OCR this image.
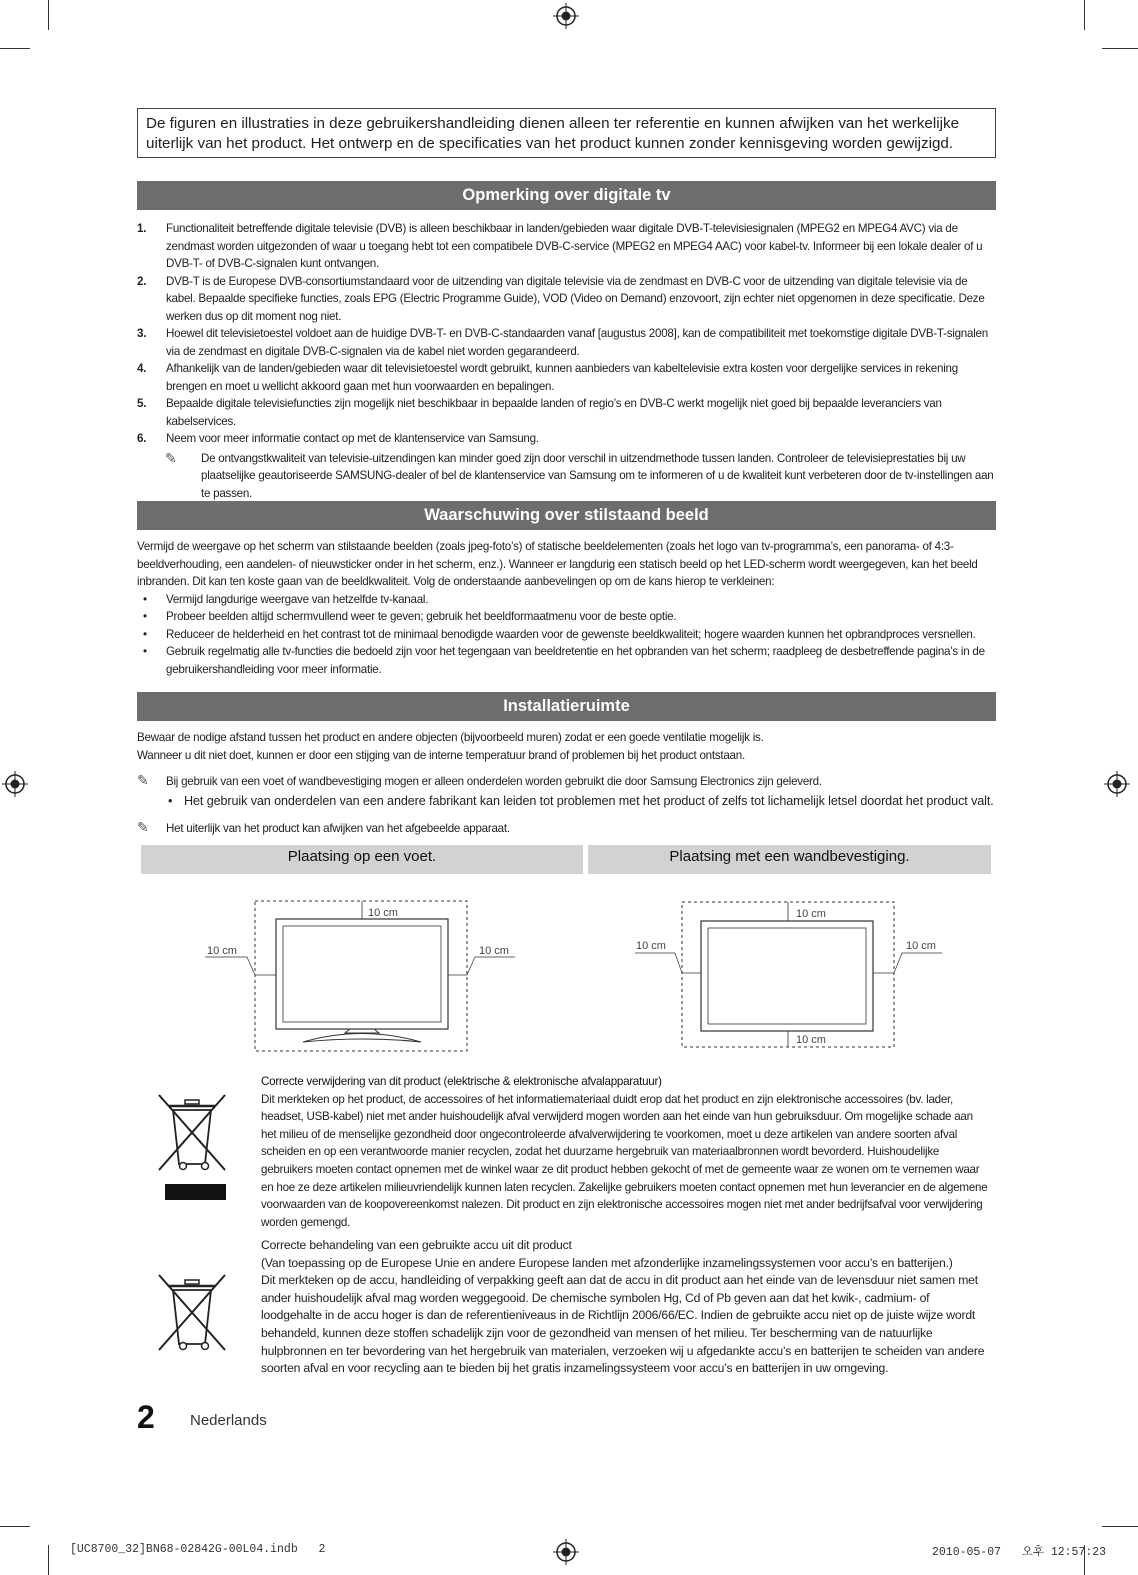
De figuren en illustraties in deze gebruikershandleiding dienen alleen ter referentie en kunnen afwijken van het werkelijke uiterlijk van het product. Het ontwerp en de specificaties van het product kunnen zonder kennisgeving worden gewijzigd.
Opmerking over digitale tv
1. Functionaliteit betreffende digitale televisie (DVB) is alleen beschikbaar in landen/gebieden waar digitale DVB-T-televisiesignalen (MPEG2 en MPEG4 AVC) via de zendmast worden uitgezonden of waar u toegang hebt tot een compatibele DVB-C-service (MPEG2 en MPEG4 AAC) voor kabel-tv. Informeer bij een lokale dealer of u DVB-T- of DVB-C-signalen kunt ontvangen.
2. DVB-T is de Europese DVB-consortiumstandaard voor de uitzending van digitale televisie via de zendmast en DVB-C voor de uitzending van digitale televisie via de kabel. Bepaalde specifieke functies, zoals EPG (Electric Programme Guide), VOD (Video on Demand) enzovoort, zijn echter niet opgenomen in deze specificatie. Deze werken dus op dit moment nog niet.
3. Hoewel dit televisietoestel voldoet aan de huidige DVB-T- en DVB-C-standaarden vanaf [augustus 2008], kan de compatibiliteit met toekomstige digitale DVB-T-signalen via de zendmast en digitale DVB-C-signalen via de kabel niet worden gegarandeerd.
4. Afhankelijk van de landen/gebieden waar dit televisietoestel wordt gebruikt, kunnen aanbieders van kabeltelevisie extra kosten voor dergelijke services in rekening brengen en moet u wellicht akkoord gaan met hun voorwaarden en bepalingen.
5. Bepaalde digitale televisiefuncties zijn mogelijk niet beschikbaar in bepaalde landen of regio’s en DVB-C werkt mogelijk niet goed bij bepaalde leveranciers van kabelservices.
6. Neem voor meer informatie contact op met de klantenservice van Samsung.
✎ De ontvangstkwaliteit van televisie-uitzendingen kan minder goed zijn door verschil in uitzendmethode tussen landen. Controleer de televisieprestaties bij uw plaatselijke geautoriseerde SAMSUNG-dealer of bel de klantenservice van Samsung om te informeren of u de kwaliteit kunt verbeteren door de tv-instellingen aan te passen.
Waarschuwing over stilstaand beeld

Vermijd de weergave op het scherm van stilstaande beelden (zoals jpeg-foto’s) of statische beeldelementen (zoals het logo van tv-programma’s, een panorama- of 4:3-beeldverhouding, een aandelen- of nieuwsticker onder in het scherm, enz.). Wanneer er langdurig een statisch beeld op het LED-scherm wordt weergegeven, kan het beeld inbranden. Dit kan ten koste gaan van de beeldkwaliteit. Volg de onderstaande aanbevelingen op om de kans hierop te verkleinen:

• Vermijd langdurige weergave van hetzelfde tv-kanaal.
• Probeer beelden altijd schermvullend weer te geven; gebruik het beeldformaatmenu voor de beste optie.
• Reduceer de helderheid en het contrast tot de minimaal benodigde waarden voor de gewenste beeldkwaliteit; hogere waarden kunnen het opbrandproces versnellen.
• Gebruik regelmatig alle tv-functies die bedoeld zijn voor het tegengaan van beeldretentie en het opbranden van het scherm; raadpleeg de desbetreffende pagina’s in de gebruikershandleiding voor meer informatie.
Installatieruimte

Bewaar de nodige afstand tussen het product en andere objecten (bijvoorbeeld muren) zodat er een goede ventilatie mogelijk is.

Wanneer u dit niet doet, kunnen er door een stijging van de interne temperatuur brand of problemen bij het product ontstaan.

✎ Bij gebruik van een voet of wandbevestiging mogen er alleen onderdelen worden gebruikt die door Samsung Electronics zijn geleverd.
• Het gebruik van onderdelen van een andere fabrikant kan leiden tot problemen met het product of zelfs tot lichamelijk letsel doordat het product valt.
✎ Het uiterlijk van het product kan afwijken van het afgebeelde apparaat.
Plaatsing op een voet.	Plaatsing met een wandbevestiging.
10 cm
10 cm	10 cm
10 cm
10 cm
10 cm	10 cm

Correcte verwijdering van dit product (elektrische & elektronische afvalapparatuur)

Dit merkteken op het product, de accessoires of het informatiemateriaal duidt erop dat het product en zijn elektronische accessoires (bv. lader, headset, USB-kabel) niet met ander huishoudelijk afval verwijderd mogen worden aan het einde van hun gebruiksduur. Om mogelijke schade aan het milieu of de menselijke gezondheid door ongecontroleerde afvalverwijdering te voorkomen, moet u deze artikelen van andere soorten afval scheiden en op een verantwoorde manier recyclen, zodat het duurzame hergebruik van materiaalbronnen wordt bevorderd. Huishoudelijke gebruikers moeten contact opnemen met de winkel waar ze dit product hebben gekocht of met de gemeente waar ze wonen om te vernemen waar en hoe ze deze artikelen milieuvriendelijk kunnen laten recyclen. Zakelijke gebruikers moeten contact opnemen met hun leverancier en de algemene voorwaarden van de koopovereenkomst nalezen. Dit product en zijn elektronische accessoires mogen niet met ander bedrijfsafval voor verwijdering worden gemengd.

Correcte behandeling van een gebruikte accu uit dit product

(Van toepassing op de Europese Unie en andere Europese landen met afzonderlijke inzamelingssystemen voor accu’s en batterijen.)

Dit merkteken op de accu, handleiding of verpakking geeft aan dat de accu in dit product aan het einde van de levensduur niet samen met ander huishoudelijk afval mag worden weggegooid. De chemische symbolen Hg, Cd of Pb geven aan dat het kwik-, cadmium- of loodgehalte in de accu hoger is dan de referentieniveaus in de Richtlijn 2006/66/EC. Indien de gebruikte accu niet op de juiste wijze wordt behandeld, kunnen deze stoffen schadelijk zijn voor de gezondheid van mensen of het milieu. Ter bescherming van de natuurlijke hulpbronnen en ter bevordering van het hergebruik van materialen, verzoeken wij u afgedankte accu’s en batterijen te scheiden van andere soorten afval en voor recycling aan te bieden bij het gratis inzamelingssysteem voor accu’s en batterijen in uw omgeving.

2 Nederlands
[UC8700_32]BN68-02842G-00L04.indb   2	2010-05-07   오후 12:57:23
